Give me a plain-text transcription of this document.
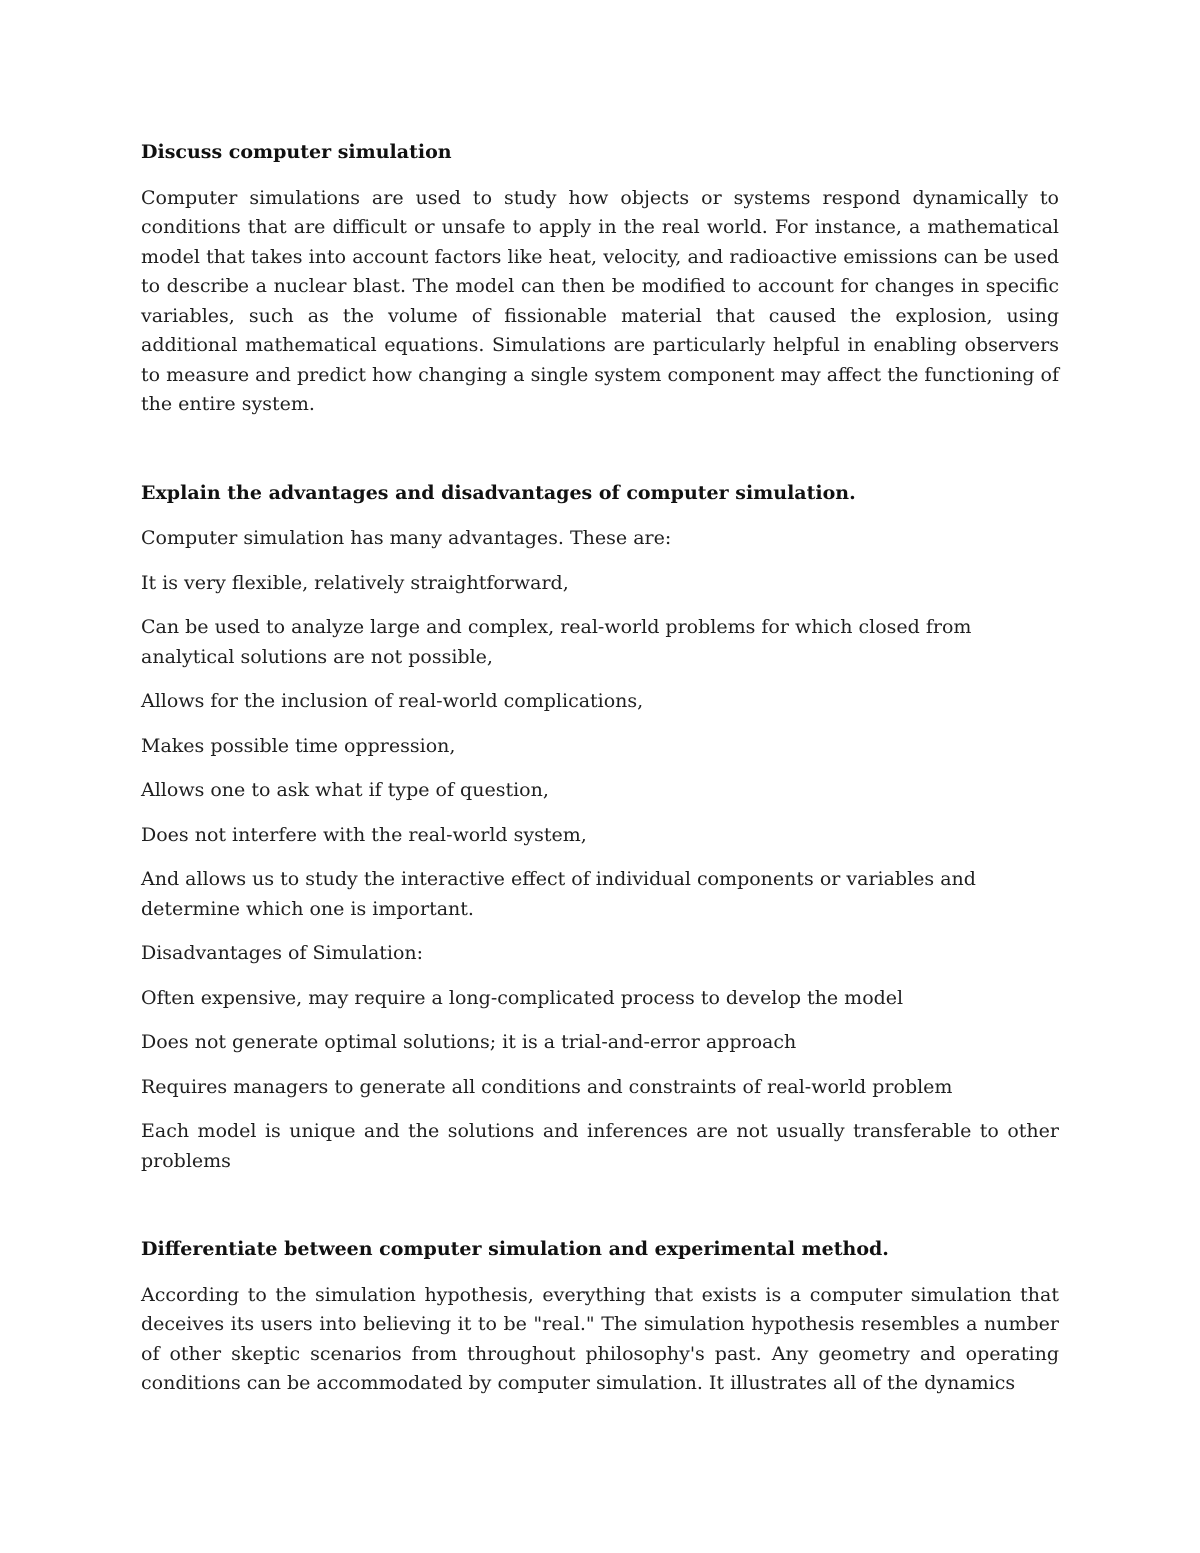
Discuss computer simulation
Computer simulations are used to study how objects or systems respond dynamically to conditions that are difficult or unsafe to apply in the real world. For instance, a mathematical model that takes into account factors like heat, velocity, and radioactive emissions can be used to describe a nuclear blast. The model can then be modified to account for changes in specific variables, such as the volume of fissionable material that caused the explosion, using additional mathematical equations. Simulations are particularly helpful in enabling observers to measure and predict how changing a single system component may affect the functioning of the entire system.
Explain the advantages and disadvantages of computer simulation.
Computer simulation has many advantages. These are:
It is very flexible, relatively straightforward,
Can be used to analyze large and complex, real-world problems for which closed from analytical solutions are not possible,
Allows for the inclusion of real-world complications,
Makes possible time oppression,
Allows one to ask what if type of question,
Does not interfere with the real-world system,
And allows us to study the interactive effect of individual components or variables and determine which one is important.
Disadvantages of Simulation:
Often expensive, may require a long-complicated process to develop the model
Does not generate optimal solutions; it is a trial-and-error approach
Requires managers to generate all conditions and constraints of real-world problem
Each model is unique and the solutions and inferences are not usually transferable to other problems
Differentiate between computer simulation and experimental method.
According to the simulation hypothesis, everything that exists is a computer simulation that deceives its users into believing it to be "real." The simulation hypothesis resembles a number of other skeptic scenarios from throughout philosophy's past. Any geometry and operating conditions can be accommodated by computer simulation. It illustrates all of the dynamics
